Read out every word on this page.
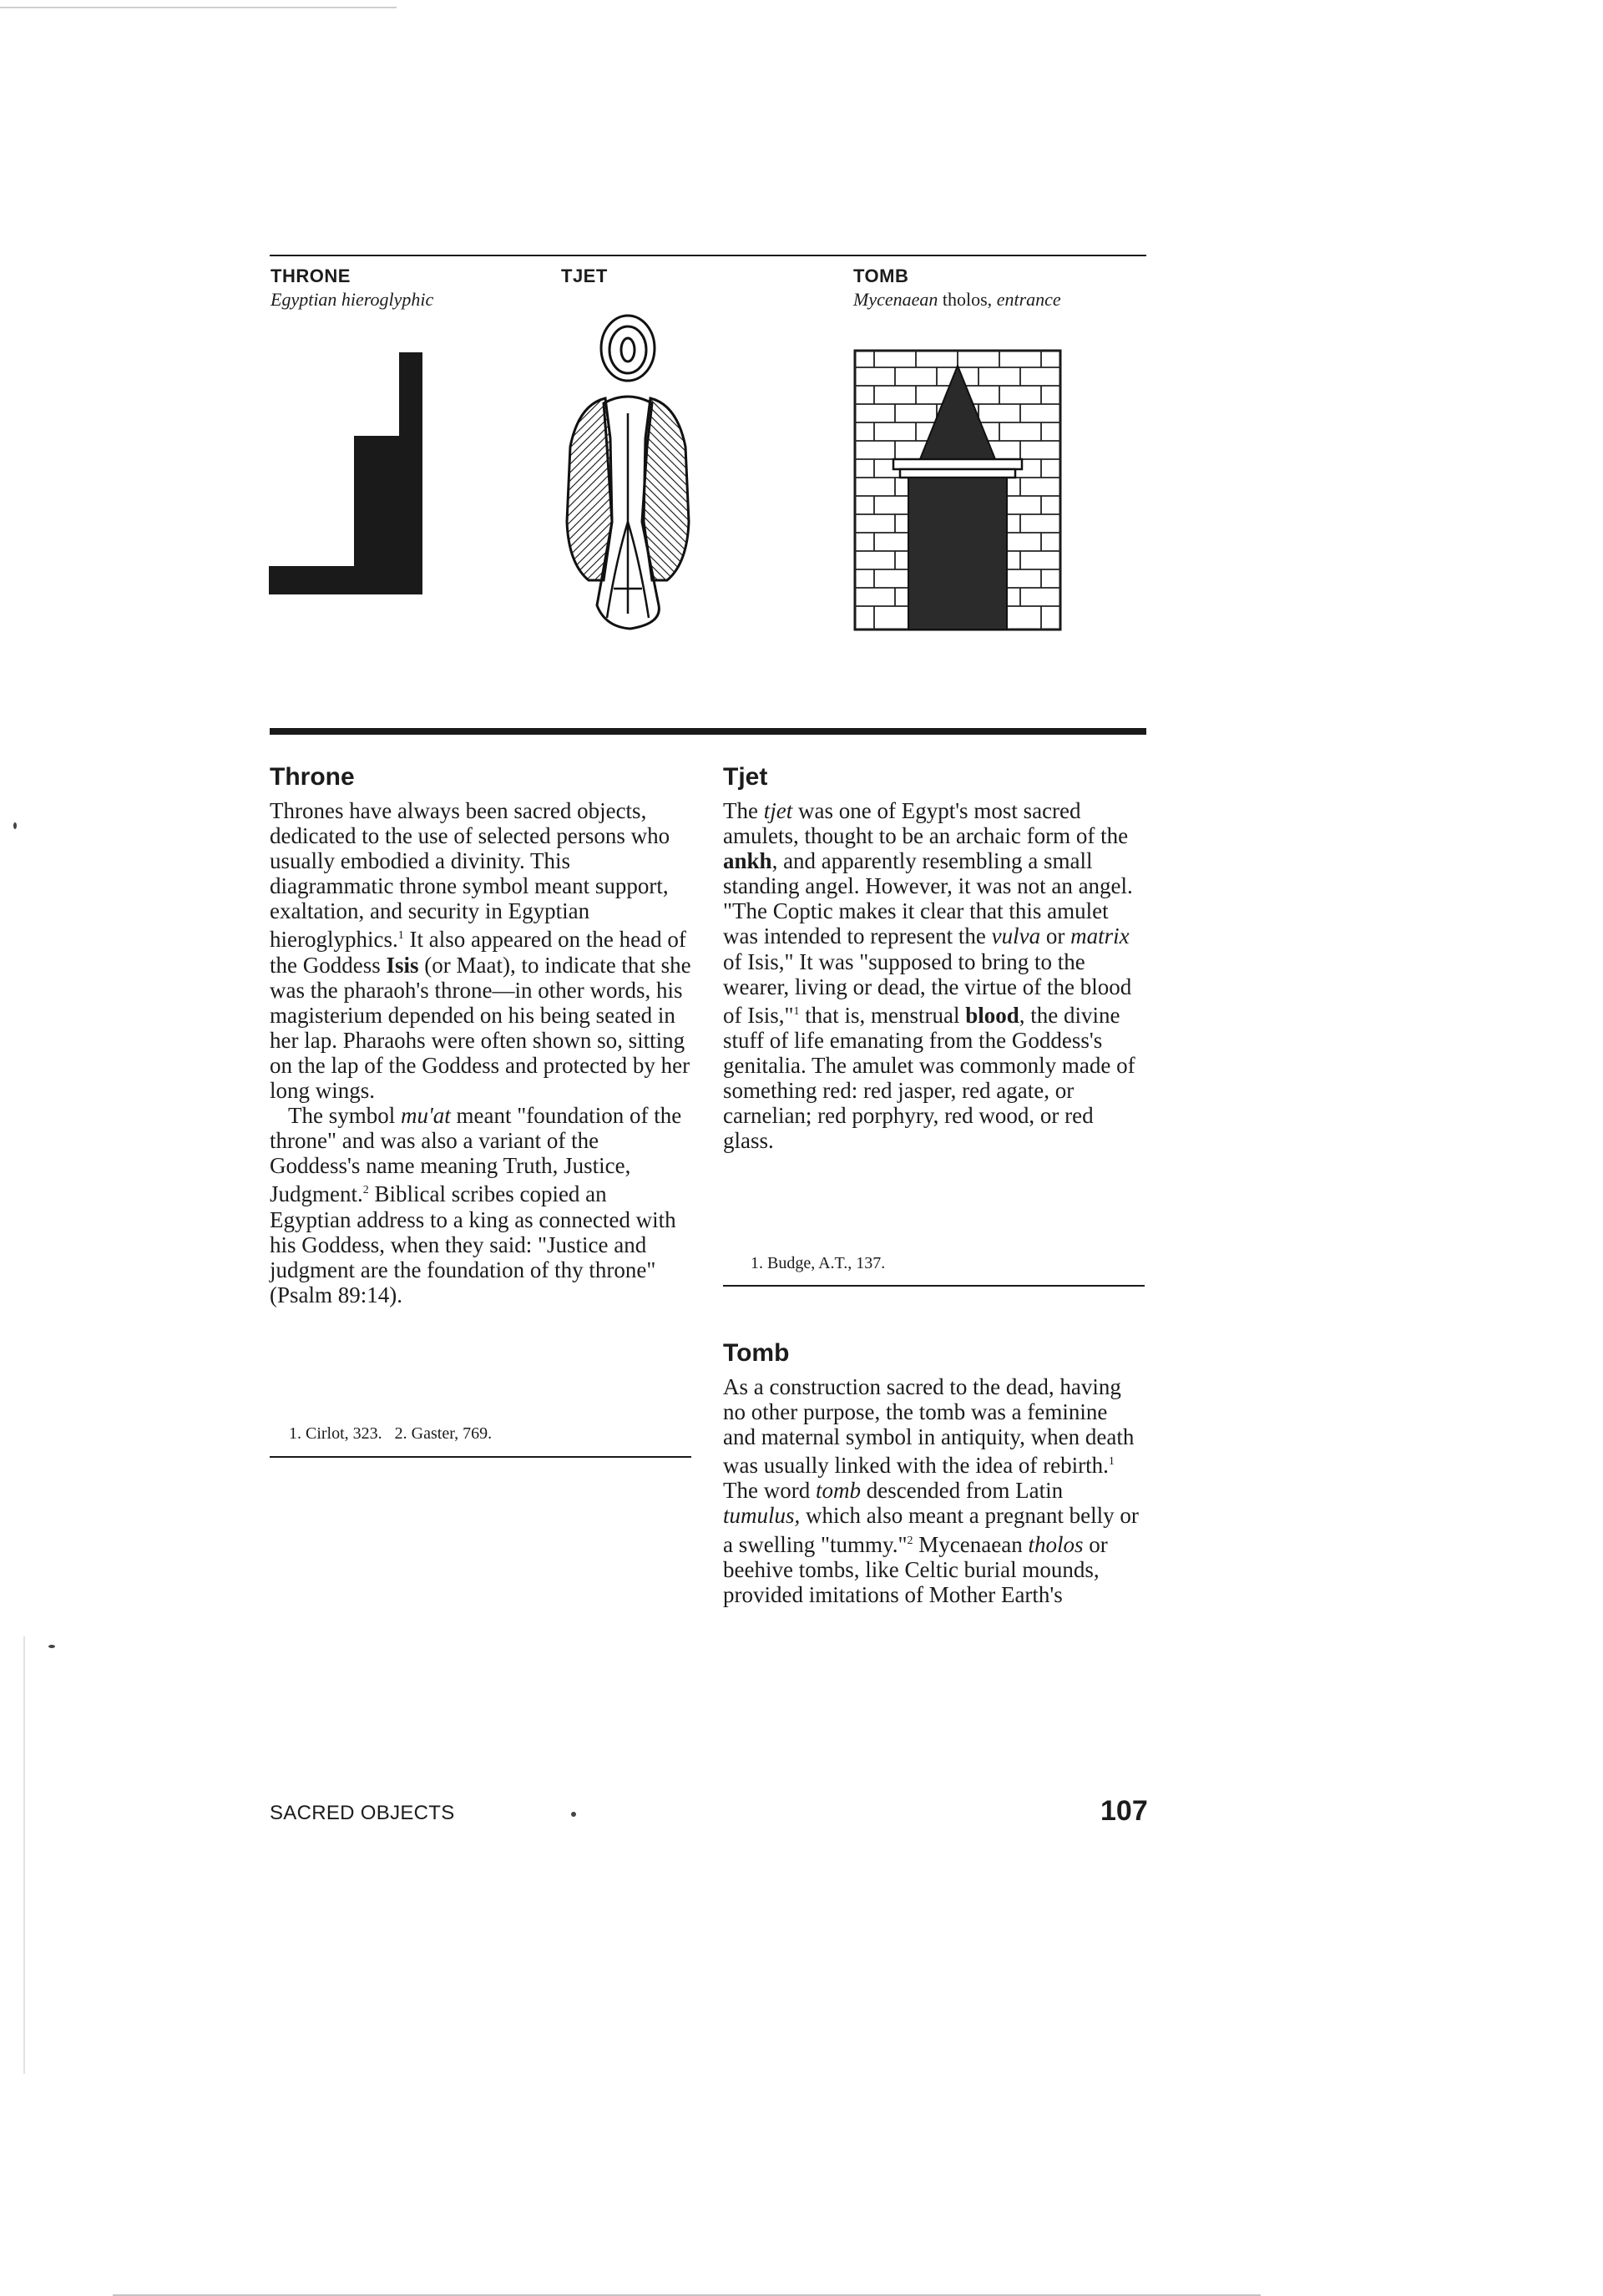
THRONE
Egyptian hieroglyphic
TJET	TOMB
Mycenaean tholos, entrance
Throne

Thrones have always been sacred objects, dedicated to the use of selected persons who usually embodied a divinity. This diagrammatic throne symbol meant support, exaltation, and security in Egyptian hieroglyphics.$^1$ It also appeared on the head of the Goddess Isis (or Maat), to indicate that she was the pharaoh's throne—in other words, his magisterium depended on his being seated in her lap. Pharaohs were often shown so, sitting on the lap of the Goddess and protected by her long wings.

The symbol mu'at meant "foundation of the throne" and was also a variant of the Goddess's name meaning Truth, Justice, Judgment.$^2$ Biblical scribes copied an Egyptian address to a king as connected with his Goddess, when they said: "Justice and judgment are the foundation of thy throne" (Psalm 89:14).

1. Cirlot, 323.   2. Gaster, 769.
Tjet

The tjet was one of Egypt's most sacred amulets, thought to be an archaic form of the ankh, and apparently resembling a small standing angel. However, it was not an angel. "The Coptic makes it clear that this amulet was intended to represent the vulva or matrix of Isis," It was "supposed to bring to the wearer, living or dead, the virtue of the blood of Isis,"$^1$ that is, menstrual blood, the divine stuff of life emanating from the Goddess's genitalia. The amulet was commonly made of something red: red jasper, red agate, or carnelian; red porphyry, red wood, or red glass.

1. Budge, A.T., 137.
Tomb

As a construction sacred to the dead, having no other purpose, the tomb was a feminine and maternal symbol in antiquity, when death was usually linked with the idea of rebirth.$^1$ The word tomb descended from Latin tumulus, which also meant a pregnant belly or a swelling "tummy."$^2$ Mycenaean tholos or beehive tombs, like Celtic burial mounds, provided imitations of Mother Earth's

SACRED OBJECTS	107
